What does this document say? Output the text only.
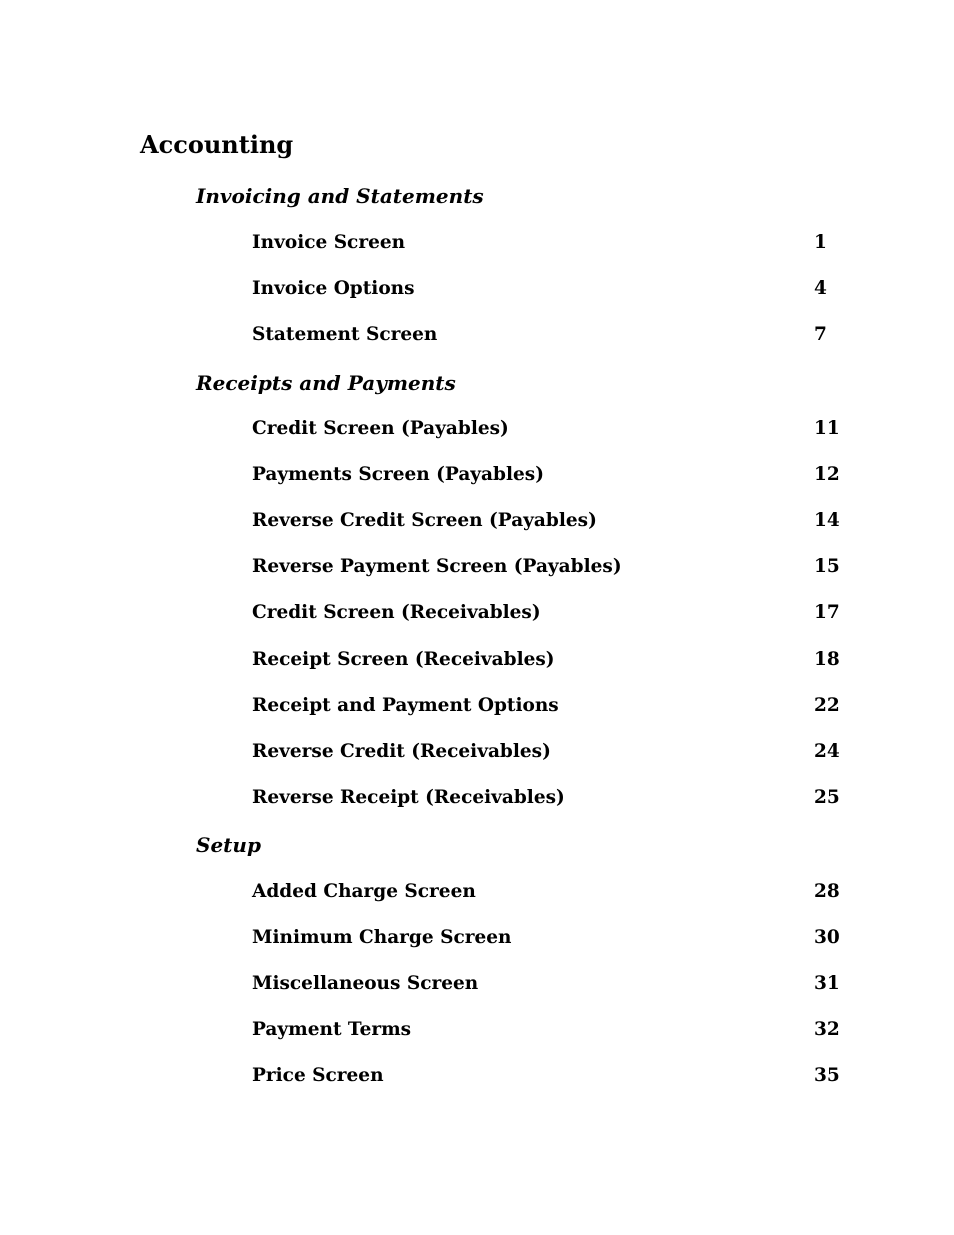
Accounting
Invoicing and Statements
Invoice Screen	1
Invoice Options	4
Statement Screen	7
Receipts and Payments
Credit Screen (Payables)	11
Payments Screen (Payables)	12
Reverse Credit Screen (Payables)	14
Reverse Payment Screen (Payables)	15
Credit Screen (Receivables)	17
Receipt Screen (Receivables)	18
Receipt and Payment Options	22
Reverse Credit (Receivables)	24
Reverse Receipt (Receivables)	25
Setup
Added Charge Screen	28
Minimum Charge Screen	30
Miscellaneous Screen	31
Payment Terms	32
Price Screen	35
